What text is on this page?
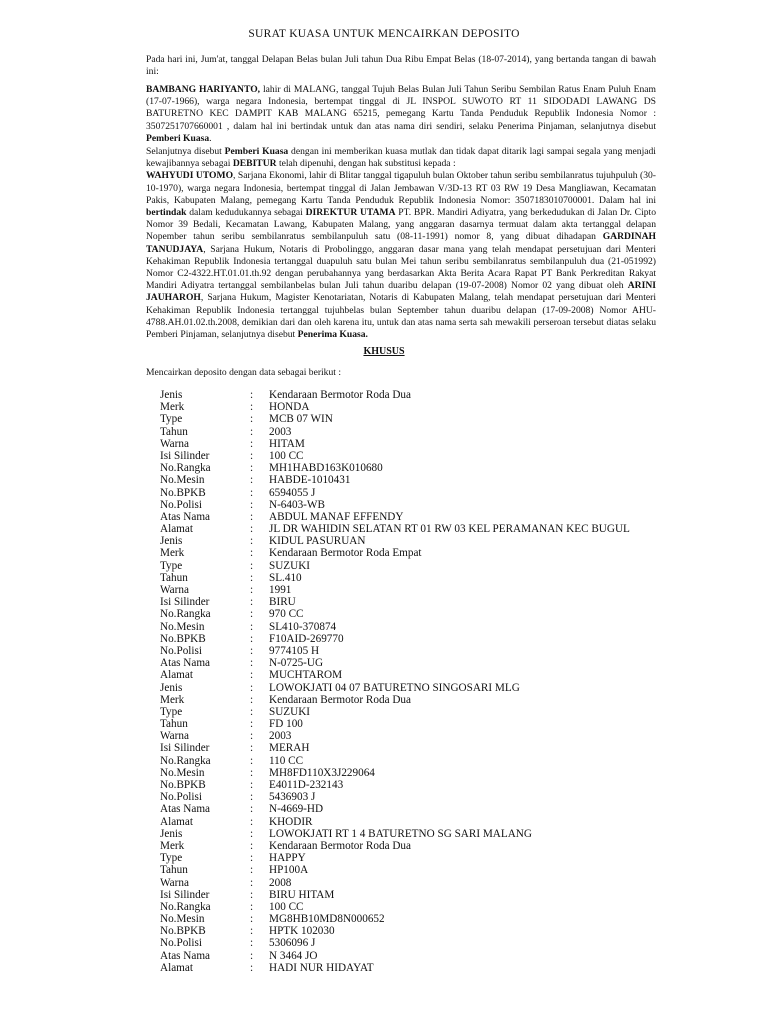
SURAT KUASA UNTUK MENCAIRKAN DEPOSITO

Pada hari ini, Jum'at, tanggal Delapan Belas bulan Juli tahun Dua Ribu Empat Belas (18-07-2014), yang bertanda tangan di bawah ini:

BAMBANG HARIYANTO, lahir di MALANG, tanggal Tujuh Belas Bulan Juli Tahun Seribu Sembilan Ratus Enam Puluh Enam (17-07-1966), warga negara Indonesia, bertempat tinggal di JL INSPOL SUWOTO RT 11 SIDODADI LAWANG DS BATURETNO KEC DAMPIT KAB MALANG 65215, pemegang Kartu Tanda Penduduk Republik Indonesia Nomor : 3507251707660001 , dalam hal ini bertindak untuk dan atas nama diri sendiri, selaku Penerima Pinjaman, selanjutnya disebut Pemberi Kuasa.

Selanjutnya disebut Pemberi Kuasa dengan ini memberikan kuasa mutlak dan tidak dapat ditarik lagi sampai segala yang menjadi kewajibannya sebagai DEBITUR telah dipenuhi, dengan hak substitusi kepada :
WAHYUDI UTOMO, Sarjana Ekonomi, lahir di Blitar tanggal tigapuluh bulan Oktober tahun seribu sembilanratus tujuhpuluh (30-10-1970), warga negara Indonesia, bertempat tinggal di Jalan Jembawan V/3D-13 RT 03 RW 19 Desa Mangliawan, Kecamatan Pakis, Kabupaten Malang, pemegang Kartu Tanda Penduduk Republik Indonesia Nomor: 3507183010700001. Dalam hal ini bertindak dalam kedudukannya sebagai DIREKTUR UTAMA PT. BPR. Mandiri Adiyatra, yang berkedudukan di Jalan Dr. Cipto Nomor 39 Bedali, Kecamatan Lawang, Kabupaten Malang, yang anggaran dasarnya termuat dalam akta tertanggal delapan Nopember tahun seribu sembilanratus sembilanpuluh satu (08-11-1991) nomor 8, yang dibuat dihadapan GARDINAH TANUDJAYA, Sarjana Hukum, Notaris di Probolinggo, anggaran dasar mana yang telah mendapat persetujuan dari Menteri Kehakiman Republik Indonesia tertanggal duapuluh satu bulan Mei tahun seribu sembilanratus sembilanpuluh dua (21-051992) Nomor C2-4322.HT.01.01.th.92 dengan perubahannya yang berdasarkan Akta Berita Acara Rapat PT Bank Perkreditan Rakyat Mandiri Adiyatra tertanggal sembilanbelas bulan Juli tahun duaribu delapan (19-07-2008) Nomor 02 yang dibuat oleh ARINI JAUHAROH, Sarjana Hukum, Magister Kenotariatan, Notaris di Kabupaten Malang, telah mendapat persetujuan dari Menteri Kehakiman Republik Indonesia tertanggal tujuhbelas bulan September tahun duaribu delapan (17-09-2008) Nomor AHU-4788.AH.01.02.th.2008, demikian dari dan oleh karena itu, untuk dan atas nama serta sah mewakili perseroan tersebut diatas selaku Pemberi Pinjaman, selanjutnya disebut Penerima Kuasa.

KHUSUS
Mencairkan deposito dengan data sebagai berikut :
Jenis	:	Kendaraan Bermotor Roda Dua
Merk	:	HONDA
Type	:	MCB 07 WIN
Tahun	:	2003
Warna	:	HITAM
Isi Silinder	:	100 CC
No.Rangka	:	MH1HABD163K010680
No.Mesin	:	HABDE-1010431
No.BPKB	:	6594055 J
No.Polisi	:	N-6403-WB
Atas Nama	:	ABDUL MANAF EFFENDY
Alamat	:	JL DR WAHIDIN SELATAN RT 01 RW 03 KEL PERAMANAN KEC BUGUL
Jenis	:	KIDUL PASURUAN
Merk	:	Kendaraan Bermotor Roda Empat
Type	:	SUZUKI
Tahun	:	SL.410
Warna	:	1991
Isi Silinder	:	BIRU
No.Rangka	:	970 CC
No.Mesin	:	SL410-370874
No.BPKB	:	F10AID-269770
No.Polisi	:	9774105 H
Atas Nama	:	N-0725-UG
Alamat	:	MUCHTAROM
Jenis	:	LOWOKJATI 04 07 BATURETNO SINGOSARI MLG
Merk	:	Kendaraan Bermotor Roda Dua
Type	:	SUZUKI
Tahun	:	FD 100
Warna	:	2003
Isi Silinder	:	MERAH
No.Rangka	:	110 CC
No.Mesin	:	MH8FD110X3J229064
No.BPKB	:	E4011D-232143
No.Polisi	:	5436903 J
Atas Nama	:	N-4669-HD
Alamat	:	KHODIR
Jenis	:	LOWOKJATI RT 1 4 BATURETNO SG SARI MALANG
Merk	:	Kendaraan Bermotor Roda Dua
Type	:	HAPPY
Tahun	:	HP100A
Warna	:	2008
Isi Silinder	:	BIRU HITAM
No.Rangka	:	100 CC
No.Mesin	:	MG8HB10MD8N000652
No.BPKB	:	HPTK 102030
No.Polisi	:	5306096 J
Atas Nama	:	N 3464 JO
Alamat	:	HADI NUR HIDAYAT
